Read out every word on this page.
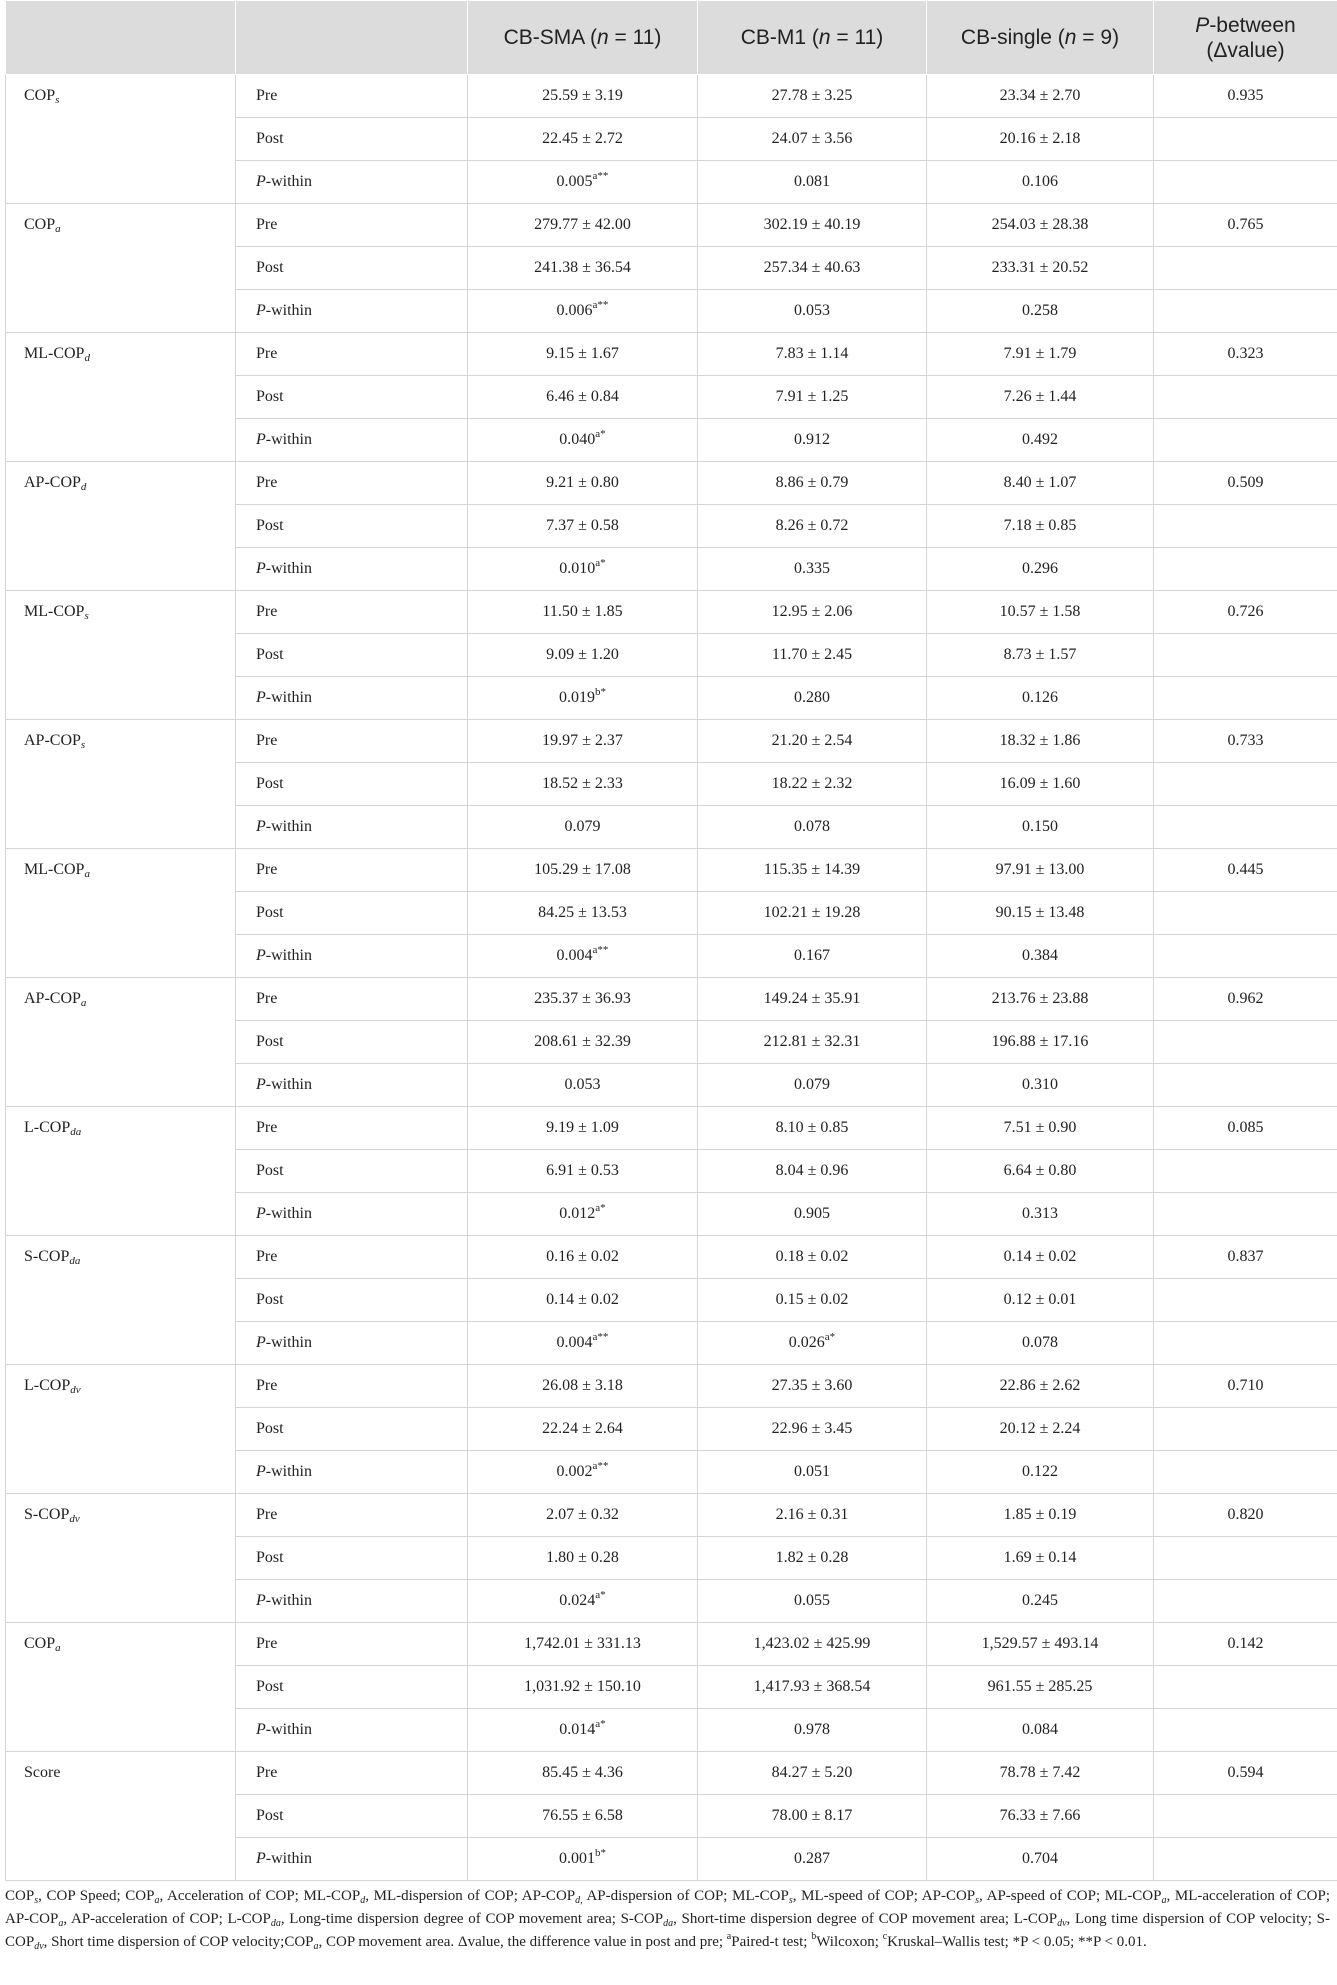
		CB-SMA (n = 11)	CB-M1 (n = 11)	CB-single (n = 9)	P-between
(Δvalue)
$COP_s$	Pre	25.59 ± 3.19	27.78 ± 3.25	23.34 ± 2.70	0.935
	Post	22.45 ± 2.72	24.07 ± 3.56	20.16 ± 2.18	
	P-within	$0.005^{a**}$	0.081	0.106	
$COP_a$	Pre	279.77 ± 42.00	302.19 ± 40.19	254.03 ± 28.38	0.765
	Post	241.38 ± 36.54	257.34 ± 40.63	233.31 ± 20.52	
	P-within	$0.006^{a**}$	0.053	0.258	
$ML-COP_d$	Pre	9.15 ± 1.67	7.83 ± 1.14	7.91 ± 1.79	0.323
	Post	6.46 ± 0.84	7.91 ± 1.25	7.26 ± 1.44	
	P-within	$0.040^{a*}$	0.912	0.492	
$AP-COP_d$	Pre	9.21 ± 0.80	8.86 ± 0.79	8.40 ± 1.07	0.509
	Post	7.37 ± 0.58	8.26 ± 0.72	7.18 ± 0.85	
	P-within	$0.010^{a*}$	0.335	0.296	
$ML-COP_s$	Pre	11.50 ± 1.85	12.95 ± 2.06	10.57 ± 1.58	0.726
	Post	9.09 ± 1.20	11.70 ± 2.45	8.73 ± 1.57	
	P-within	$0.019^{b*}$	0.280	0.126	
$AP-COP_s$	Pre	19.97 ± 2.37	21.20 ± 2.54	18.32 ± 1.86	0.733
	Post	18.52 ± 2.33	18.22 ± 2.32	16.09 ± 1.60	
	P-within	0.079	0.078	0.150	
$ML-COP_a$	Pre	105.29 ± 17.08	115.35 ± 14.39	97.91 ± 13.00	0.445
	Post	84.25 ± 13.53	102.21 ± 19.28	90.15 ± 13.48	
	P-within	$0.004^{a**}$	0.167	0.384	
$AP-COP_a$	Pre	235.37 ± 36.93	149.24 ± 35.91	213.76 ± 23.88	0.962
	Post	208.61 ± 32.39	212.81 ± 32.31	196.88 ± 17.16	
	P-within	0.053	0.079	0.310	
$L-COP_{da}$	Pre	9.19 ± 1.09	8.10 ± 0.85	7.51 ± 0.90	0.085
	Post	6.91 ± 0.53	8.04 ± 0.96	6.64 ± 0.80	
	P-within	$0.012^{a*}$	0.905	0.313	
$S-COP_{da}$	Pre	0.16 ± 0.02	0.18 ± 0.02	0.14 ± 0.02	0.837
	Post	0.14 ± 0.02	0.15 ± 0.02	0.12 ± 0.01	
	P-within	$0.004^{a**}$	$0.026^{a*}$	0.078	
$L-COP_{dv}$	Pre	26.08 ± 3.18	27.35 ± 3.60	22.86 ± 2.62	0.710
	Post	22.24 ± 2.64	22.96 ± 3.45	20.12 ± 2.24	
	P-within	$0.002^{a**}$	0.051	0.122	
$S-COP_{dv}$	Pre	2.07 ± 0.32	2.16 ± 0.31	1.85 ± 0.19	0.820
	Post	1.80 ± 0.28	1.82 ± 0.28	1.69 ± 0.14	
	P-within	$0.024^{a*}$	0.055	0.245	
$COP_a$	Pre	1,742.01 ± 331.13	1,423.02 ± 425.99	1,529.57 ± 493.14	0.142
	Post	1,031.92 ± 150.10	1,417.93 ± 368.54	961.55 ± 285.25	
	P-within	$0.014^{a*}$	0.978	0.084	
Score	Pre	85.45 ± 4.36	84.27 ± 5.20	78.78 ± 7.42	0.594
	Post	76.55 ± 6.58	78.00 ± 8.17	76.33 ± 7.66	
	P-within	$0.001^{b*}$	0.287	0.704	
$COP_s$, COP Speed; $COP_a$, Acceleration of COP; $ML-COP_d$, ML-dispersion of COP; $AP-COP_{d,}$ AP-dispersion of COP; $ML-COP_s$, ML-speed of COP; $AP-COP_s$, AP-speed of COP; $ML-COP_a$, ML-acceleration of COP; $AP-COP_a$, AP-acceleration of COP; $L-COP_{da}$, Long-time dispersion degree of COP movement area; $S-COP_{da}$, Short-time dispersion degree of COP movement area; $L-COP_{dv}$, Long time dispersion of COP velocity; $S-COP_{dv}$, Short time dispersion of COP $velocity;COP_a$, COP movement area. Δvalue, the difference value in post and pre; $^a$Paired-t test; $^b$Wilcoxon; $^c$Kruskal–Wallis test; *P < 0.05; **P < 0.01.
